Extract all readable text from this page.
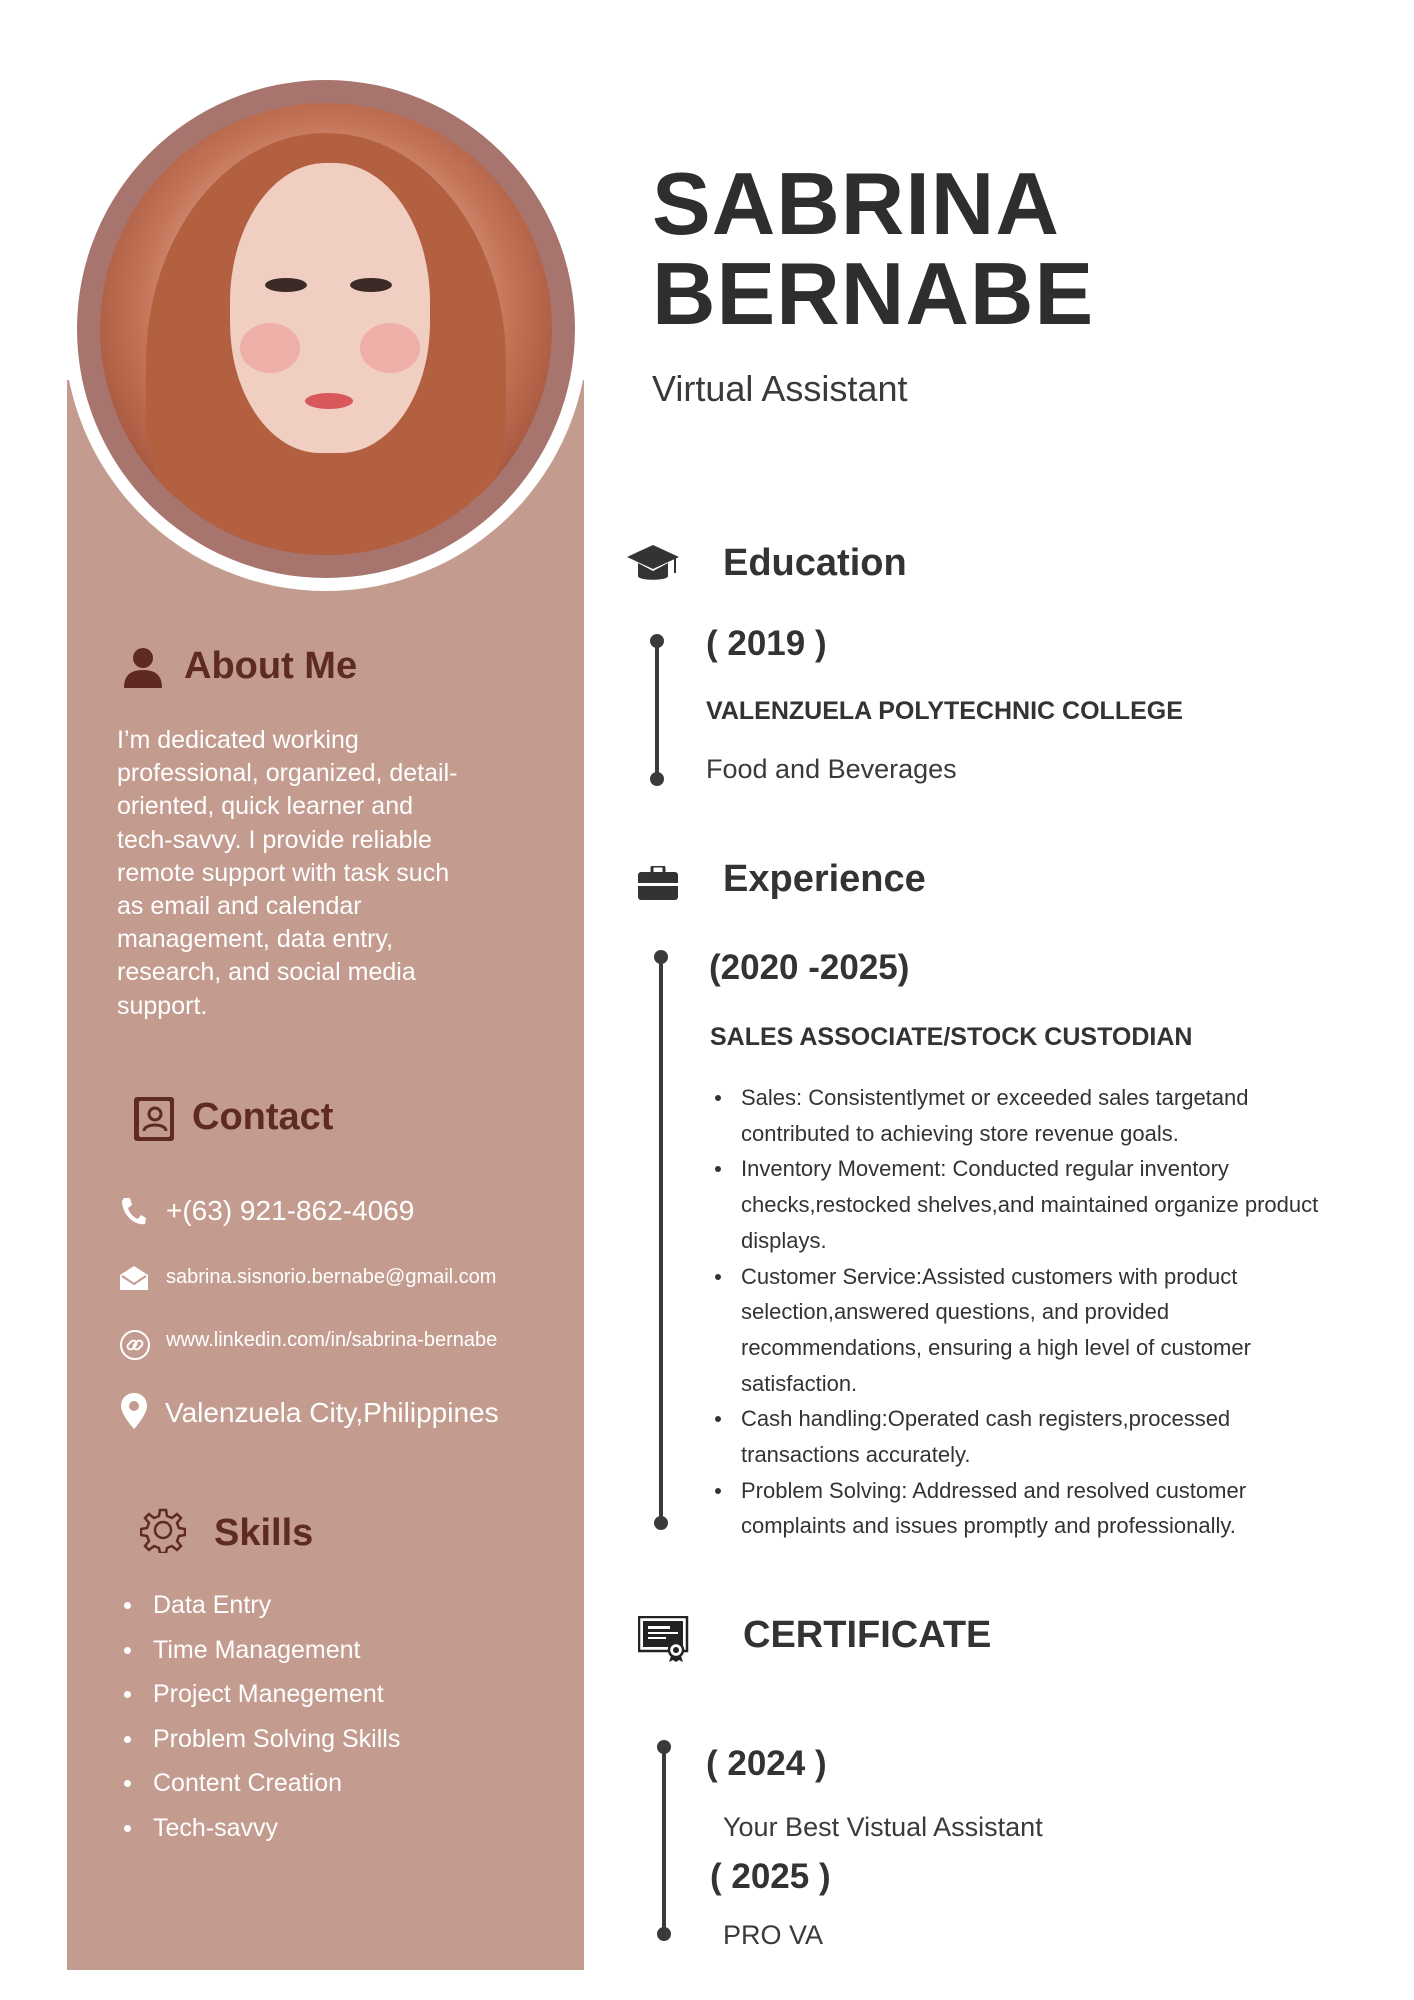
About Me
I’m dedicated working
professional, organized, detail-
oriented, quick learner and
tech-savvy. I provide reliable
remote support with task such
as email and calendar
management, data entry,
research, and social media
support.
Contact
+(63) 921-862-4069
sabrina.sisnorio.bernabe@gmail.com
www.linkedin.com/in/sabrina-bernabe
Valenzuela City,Philippines
Skills
Data Entry
Time Management
Project Manegement
Problem Solving Skills
Content Creation
Tech-savvy
SABRINA
BERNABE
Virtual Assistant
Education
( 2019 )
VALENZUELA POLYTECHNIC COLLEGE
Food and Beverages
Experience
(2020 -2025)
SALES ASSOCIATE/STOCK CUSTODIAN
Sales: Consistentlymet or exceeded sales targetand
contributed to achieving store revenue goals.
Inventory Movement: Conducted regular inventory
checks,restocked shelves,and maintained organize product
displays.
Customer Service:Assisted customers with product
selection,answered questions, and provided
recommendations, ensuring a high level of customer
satisfaction.
Cash handling:Operated cash registers,processed
transactions accurately.
Problem Solving: Addressed and resolved customer
complaints and issues promptly and professionally.
CERTIFICATE
( 2024 )
Your Best Vistual Assistant
( 2025 )
PRO VA
